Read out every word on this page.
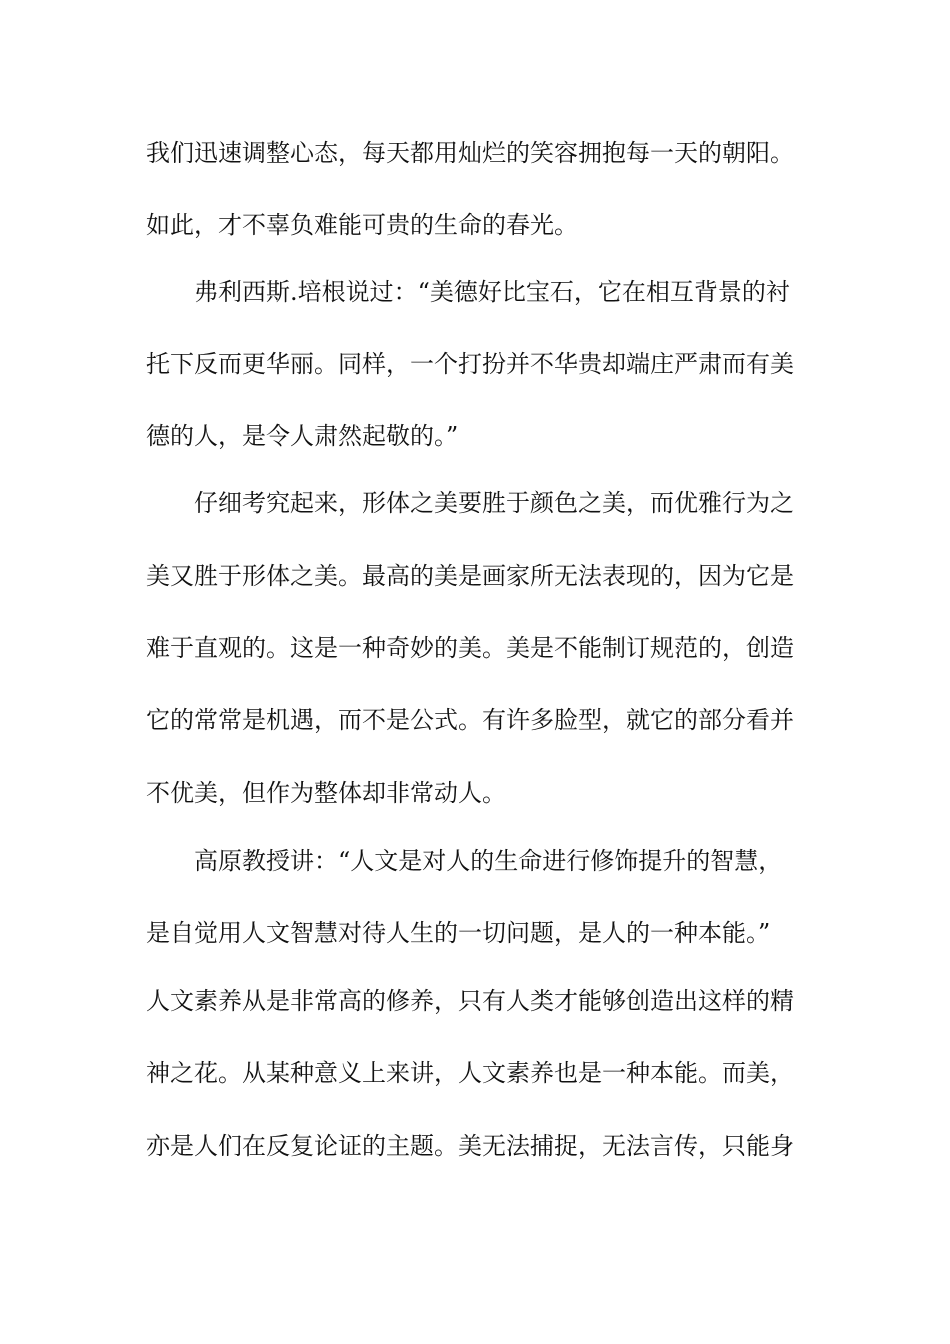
我们迅速调整心态，每天都用灿烂的笑容拥抱每一天的朝阳。
如此，才不辜负难能可贵的生命的春光。
弗利西斯.培根说过：“美德好比宝石，它在相互背景的衬
托下反而更华丽。同样，一个打扮并不华贵却端庄严肃而有美
德的人，是令人肃然起敬的。”
仔细考究起来，形体之美要胜于颜色之美，而优雅行为之
美又胜于形体之美。最高的美是画家所无法表现的，因为它是
难于直观的。这是一种奇妙的美。美是不能制订规范的，创造
它的常常是机遇，而不是公式。有许多脸型，就它的部分看并
不优美，但作为整体却非常动人。
高原教授讲：“人文是对人的生命进行修饰提升的智慧，
是自觉用人文智慧对待人生的一切问题，是人的一种本能。”
人文素养从是非常高的修养，只有人类才能够创造出这样的精
神之花。从某种意义上来讲，人文素养也是一种本能。而美，
亦是人们在反复论证的主题。美无法捕捉，无法言传，只能身
